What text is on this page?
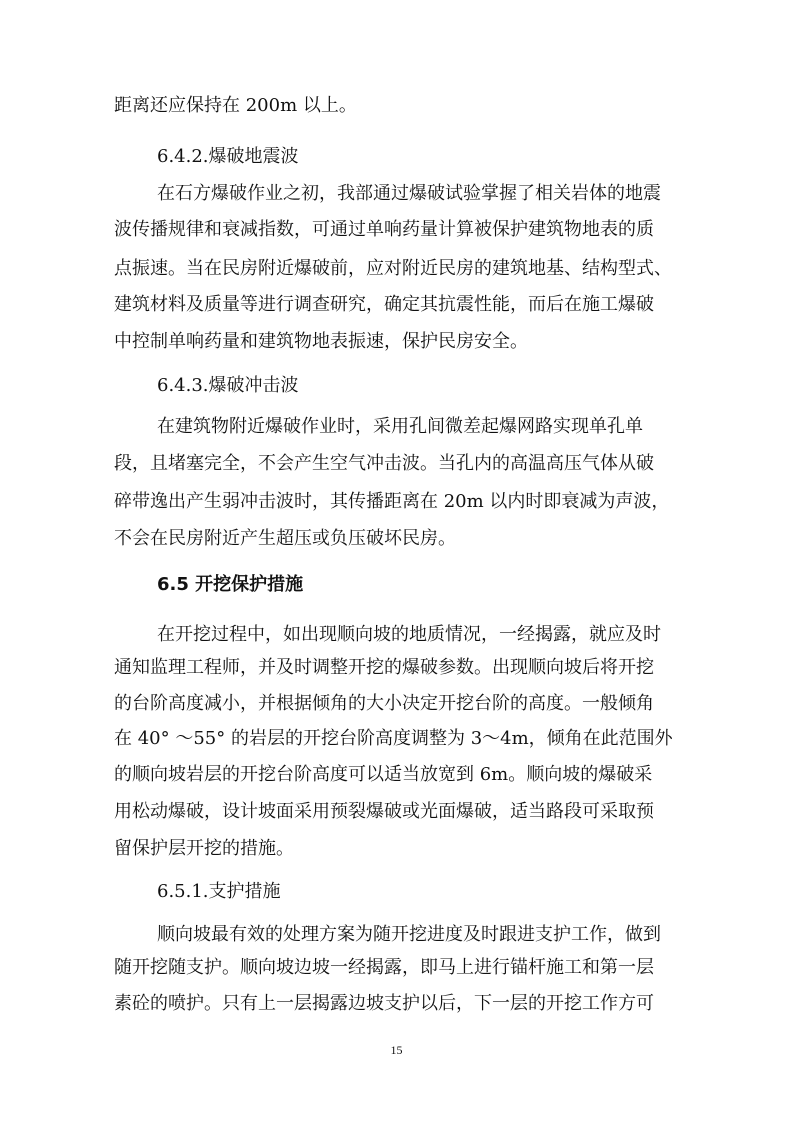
距离还应保持在 200m 以上。
6.4.2.爆破地震波
在石方爆破作业之初，我部通过爆破试验掌握了相关岩体的地震
波传播规律和衰减指数，可通过单响药量计算被保护建筑物地表的质
点振速。当在民房附近爆破前，应对附近民房的建筑地基、结构型式、
建筑材料及质量等进行调查研究，确定其抗震性能，而后在施工爆破
中控制单响药量和建筑物地表振速，保护民房安全。
6.4.3.爆破冲击波
在建筑物附近爆破作业时，采用孔间微差起爆网路实现单孔单
段，且堵塞完全，不会产生空气冲击波。当孔内的高温高压气体从破
碎带逸出产生弱冲击波时，其传播距离在 20m 以内时即衰减为声波，
不会在民房附近产生超压或负压破坏民房。
6.5 开挖保护措施
在开挖过程中，如出现顺向坡的地质情况，一经揭露，就应及时
通知监理工程师，并及时调整开挖的爆破参数。出现顺向坡后将开挖
的台阶高度减小，并根据倾角的大小决定开挖台阶的高度。一般倾角
在 40° ～55° 的岩层的开挖台阶高度调整为 3～4m，倾角在此范围外
的顺向坡岩层的开挖台阶高度可以适当放宽到 6m。顺向坡的爆破采
用松动爆破，设计坡面采用预裂爆破或光面爆破，适当路段可采取预
留保护层开挖的措施。
6.5.1.支护措施
顺向坡最有效的处理方案为随开挖进度及时跟进支护工作，做到
随开挖随支护。顺向坡边坡一经揭露，即马上进行锚杆施工和第一层
素砼的喷护。只有上一层揭露边坡支护以后，下一层的开挖工作方可
15
